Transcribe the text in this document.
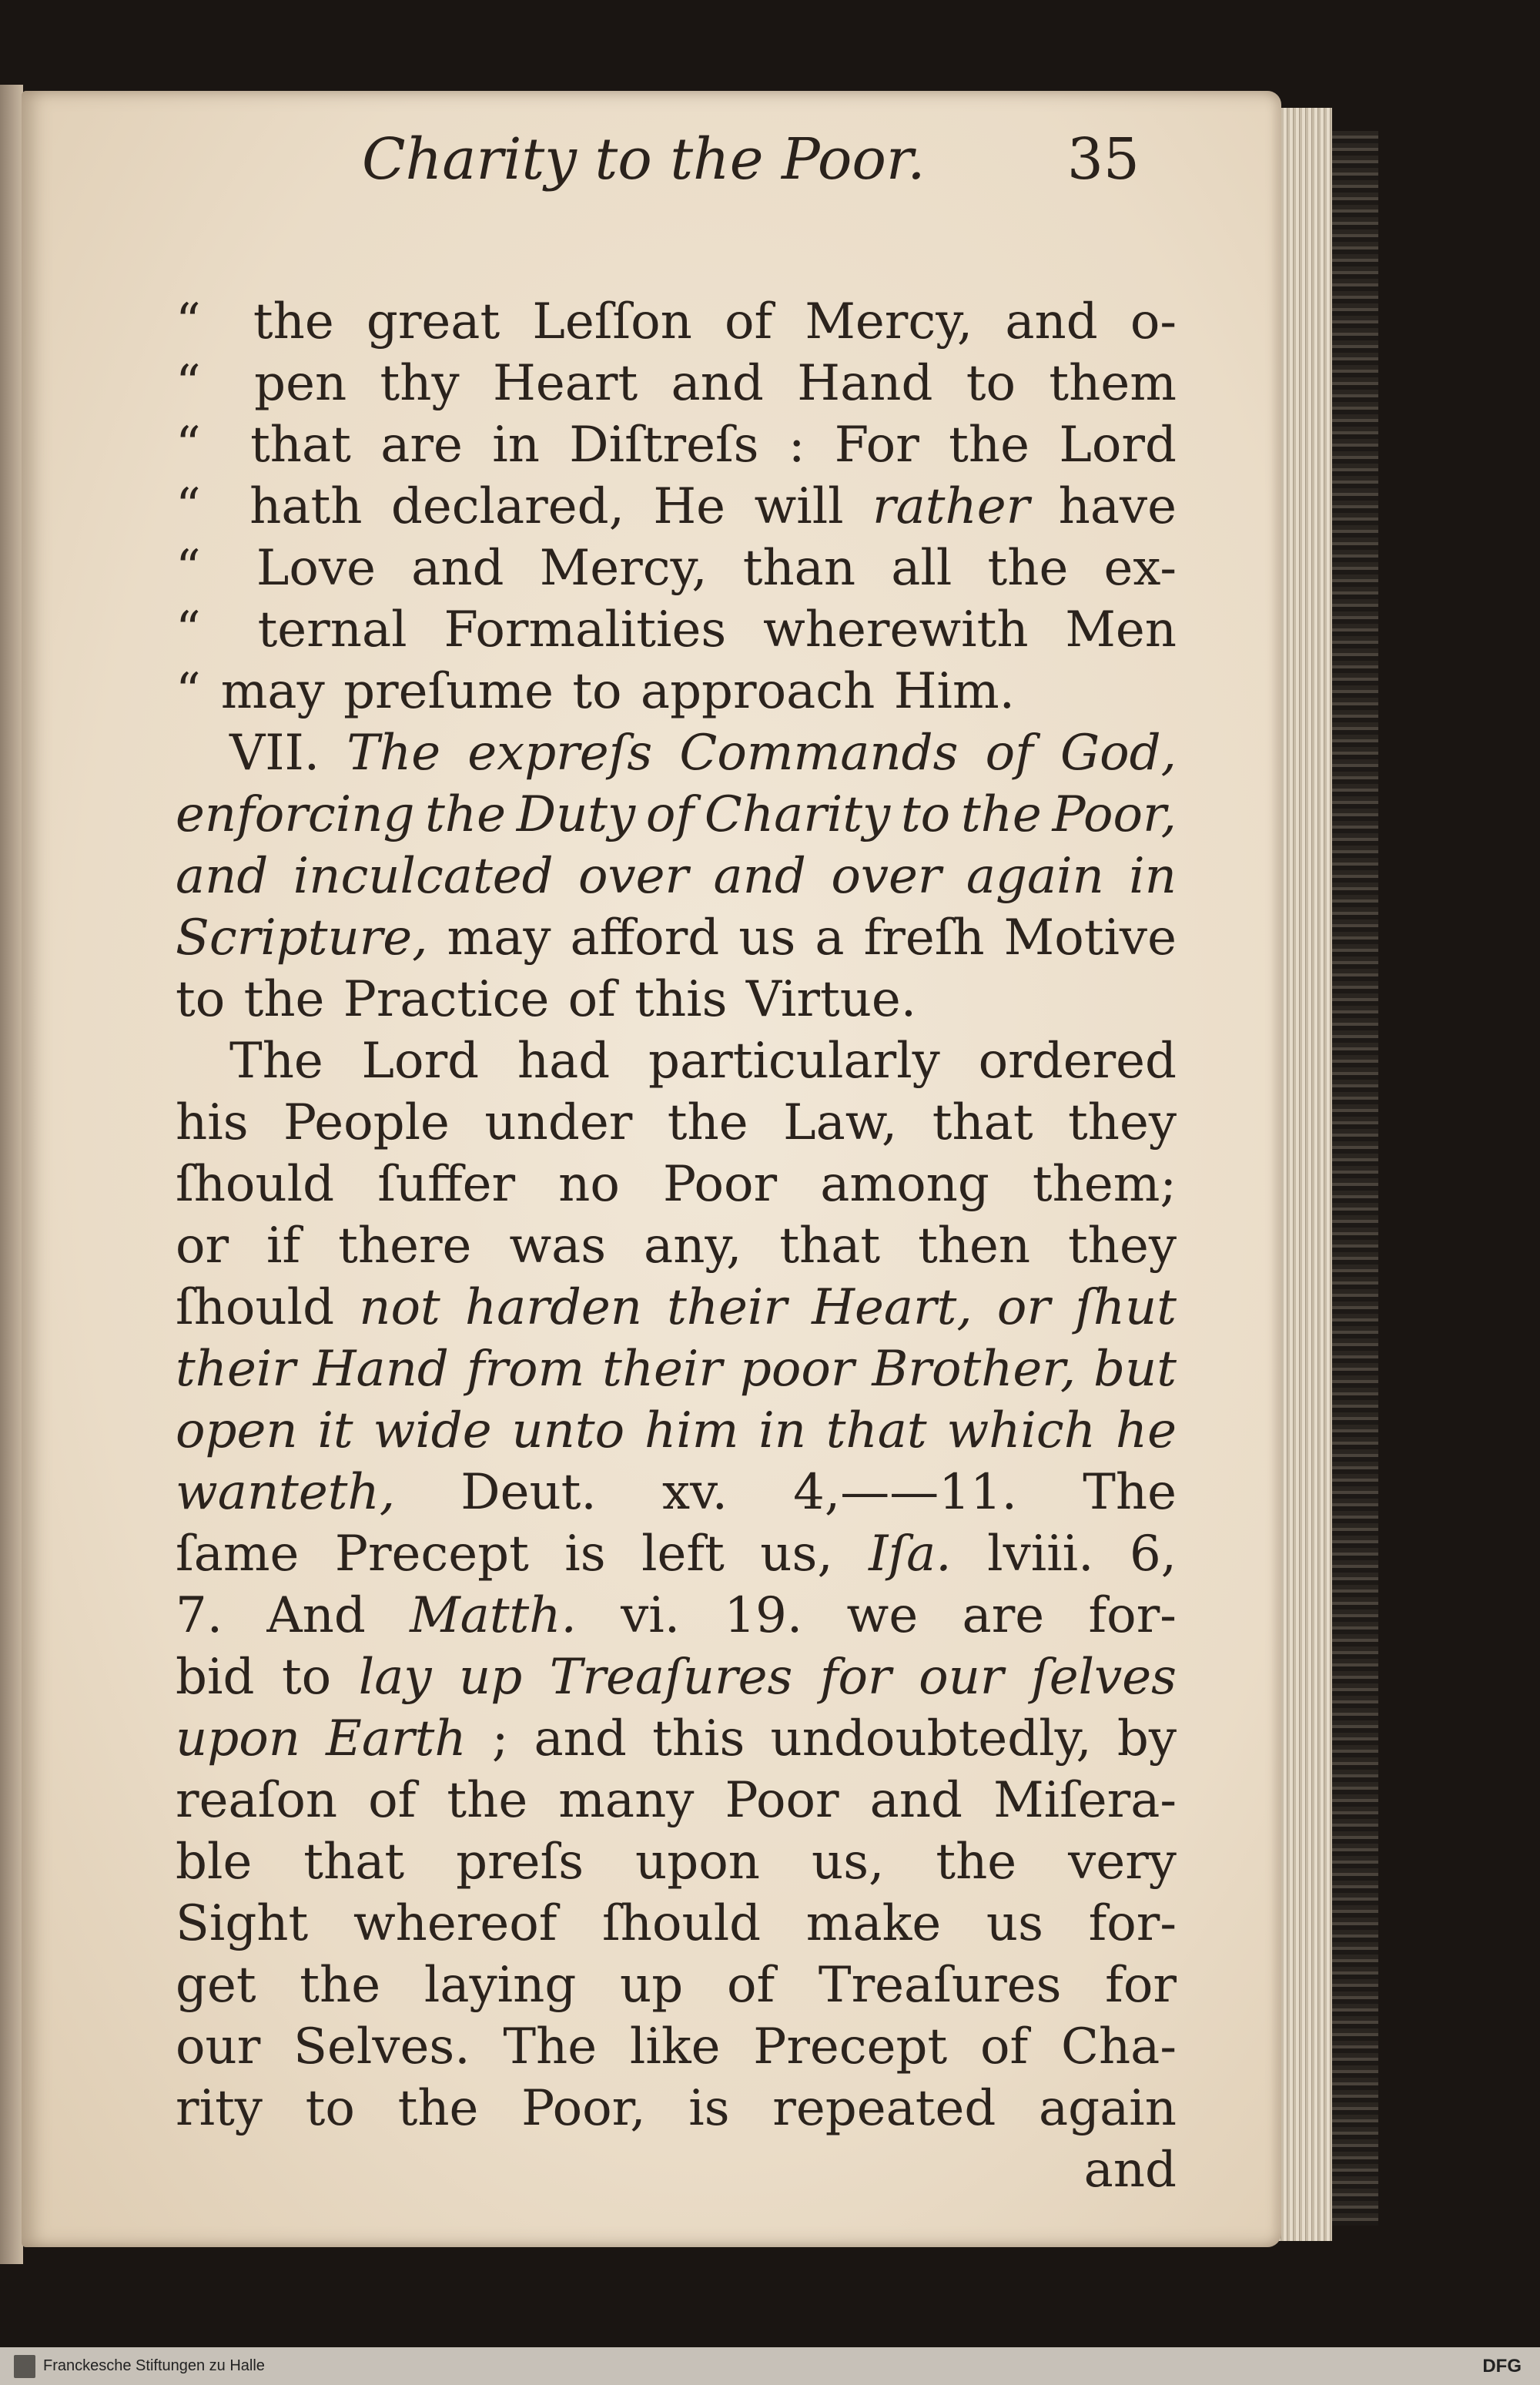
Charity to the Poor. 35
“ the great Leſſon of Mercy, and o-
“ pen thy Heart and Hand to them
“ that are in Diſtreſs : For the Lord
“ hath declared, He will rather have
“ Love and Mercy, than all the ex-
“ ternal Formalities wherewith Men
“ may preſume to approach Him.
VII. The expreſs Commands of God,
enforcing the Duty of Charity to the Poor,
and inculcated over and over again in
Scripture, may afford us a freſh Motive
to the Practice of this Virtue.
The Lord had particularly ordered
his People under the Law, that they
ſhould ſuffer no Poor among them;
or if there was any, that then they
ſhould not harden their Heart, or ſhut
their Hand from their poor Brother, but
open it wide unto him in that which he
wanteth, Deut. xv. 4,——11. The
ſame Precept is left us, Iſa. lviii. 6,
7. And Matth. vi. 19. we are for-
bid to lay up Treaſures for our ſelves
upon Earth ; and this undoubtedly, by
reaſon of the many Poor and Miſera-
ble that preſs upon us, the very
Sight whereof ſhould make us for-
get the laying up of Treaſures for
our Selves. The like Precept of Cha-
rity to the Poor, is repeated again
and
Franckesche Stiftungen zu Halle	DFG
